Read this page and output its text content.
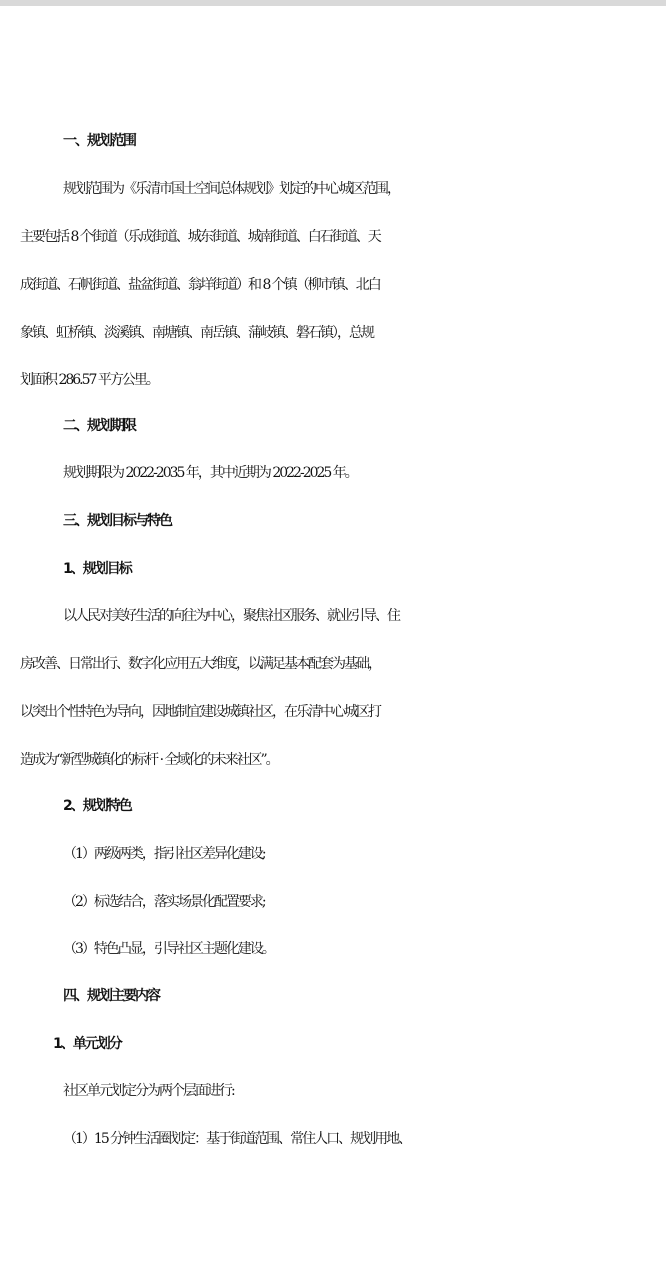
一、规划范围
规划范围为《乐清市国土空间总体规划》划定的中心城区范围，
主要包括 8 个街道（乐成街道、城东街道、城南街道、白石街道、天
成街道、石帆街道、盐盆街道、翁垟街道）和 8 个镇（柳市镇、北白
象镇、虹桥镇、淡溪镇、南塘镇、南岳镇、蒲岐镇、磐石镇），总规
划面积 286.57 平方公里。
二、规划期限
规划期限为 2022-2035 年，其中近期为 2022-2025 年。
三、规划目标与特色
1、规划目标
以人民对美好生活的向往为中心，聚焦社区服务、就业引导、住
房改善、日常出行、数字化应用五大维度，以满足基本配套为基础，
以突出个性特色为导向，因地制宜建设城镇社区，在乐清中心城区打
造成为“新型城镇化的标杆 · 全域化的未来社区”。
2、规划特色
（1）两级两类，指引社区差异化建设;
（2）标选结合，落实场景化配置要求;
（3）特色凸显，引导社区主题化建设。
四、规划主要内容
1、单元划分
社区单元划定分为两个层面进行:
（1）15 分钟生活圈划定：基于街道范围、常住人口、规划用地、
